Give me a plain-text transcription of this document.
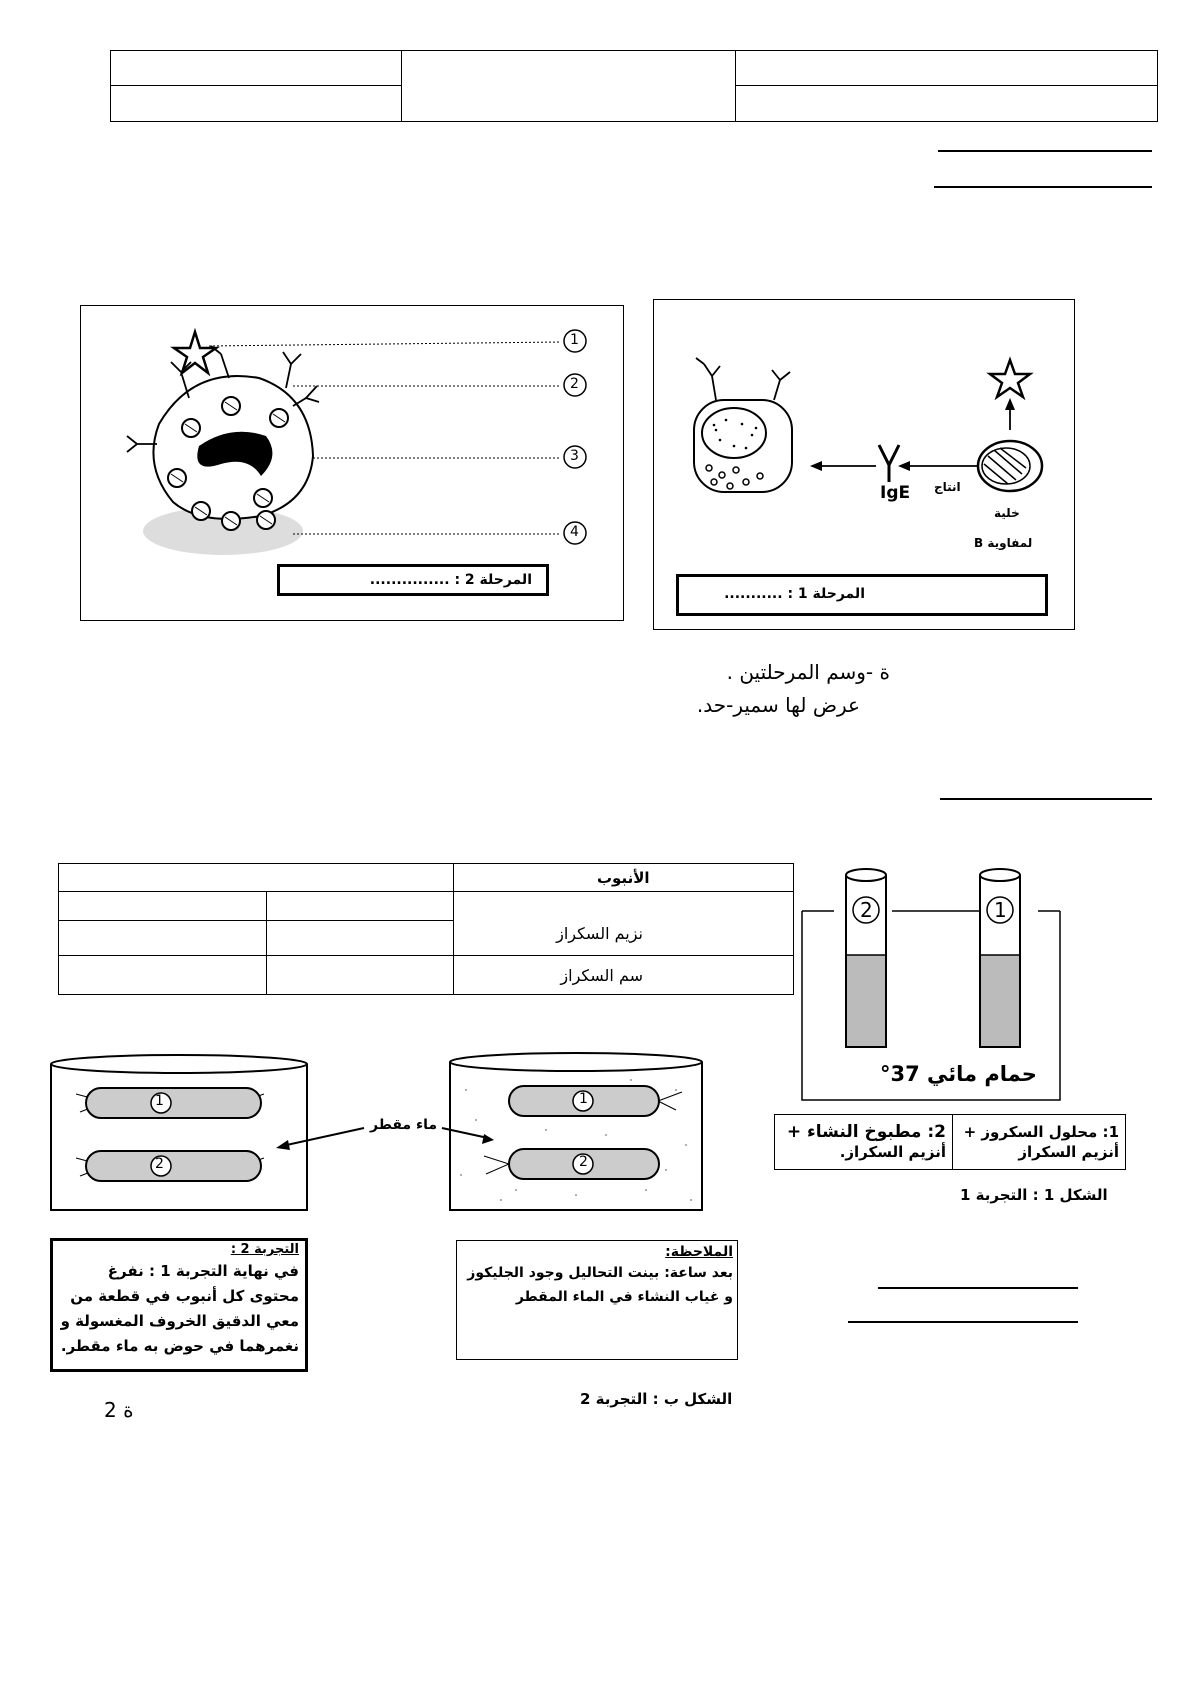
IgE انتاج
خلية
لمفاوية B
المرحلة 1 : ...........
1
2
3
4
المرحلة 2 : ...............
ة -وسم المرحلتين .
عرض لها سمير-حد.
		الأنبوب
		نزيم السكراز

		سم السكراز
2	1
حمام مائي 37°
2: مطبوخ النشاء +
أنزيم السكراز.

1: محلول السكروز +
أنزيم السكراز
الشكل 1 : التجربة 1
1
2
1
2
ماء مقطر
الملاحظة:
بعد ساعة: بينت التحاليل وجود الجليكوز
و غياب النشاء في الماء المقطر
التجربة 2 :
في نهاية التجربة 1 : نفرغ
محتوى كل أنبوب في قطعة من
معي الدقيق الخروف المغسولة و
نغمرهما في حوض به ماء مقطر.
الشكل ب : التجربة 2
ة 2
